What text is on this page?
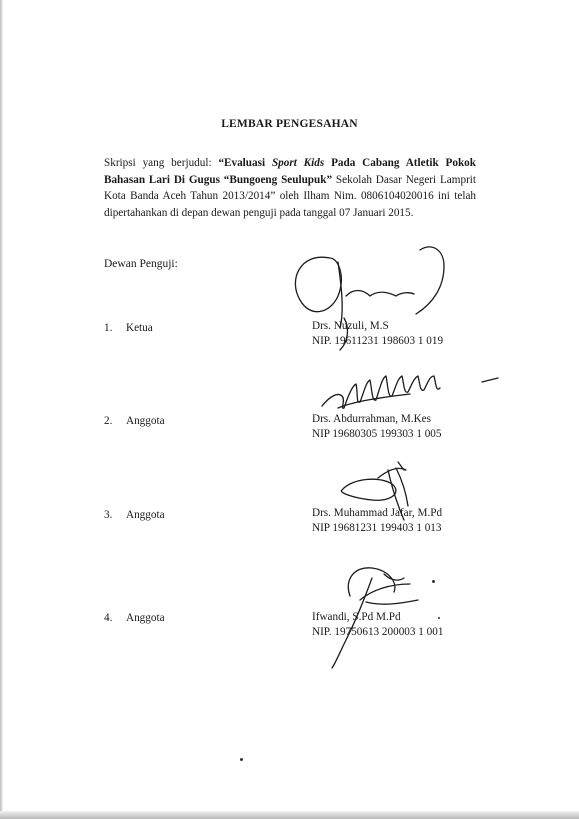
LEMBAR PENGESAHAN
Skripsi yang berjudul: “Evaluasi Sport Kids Pada Cabang Atletik Pokok Bahasan Lari Di Gugus “Bungoeng Seulupuk” Sekolah Dasar Negeri Lamprit Kota Banda Aceh Tahun 2013/2014” oleh Ilham Nim. 0806104020016 ini telah dipertahankan di depan dewan penguji pada tanggal 07 Januari 2015.
Dewan Penguji:
1. Ketua	Drs. Nuzuli, M.S
NIP. 19611231 198603 1 019
2. Anggota	Drs. Abdurrahman, M.Kes
NIP 19680305 199303 1 005
3. Anggota	Drs. Muhammad Jafar, M.Pd
NIP 19681231 199403 1 013
4. Anggota	Ifwandi, S.Pd M.Pd
NIP. 19750613 200003 1 001
